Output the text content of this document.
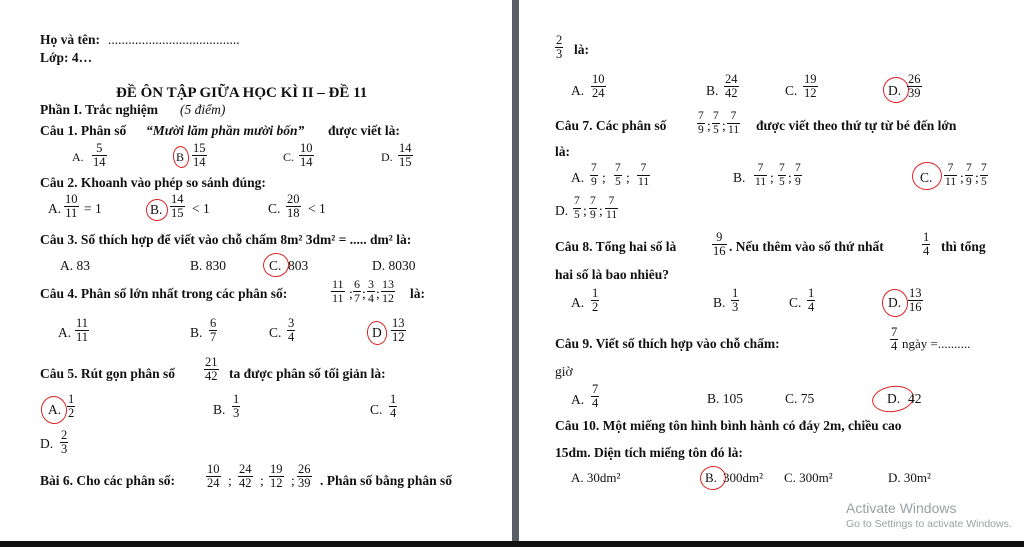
Họ và tên: .......................................
Lớp: 4…
ĐỀ ÔN TẬP GIỮA HỌC KÌ II – ĐỀ 11
Phần I. Trắc nghiệm (5 điểm)
Câu 1. Phân số “Mười lăm phần mười bốn” được viết là:
A.
5
14	B
15
14	C.
10
14	D.
14
15
Câu 2. Khoanh vào phép so sánh đúng:
A.
10
11 = 1	B.
14
15 < 1	C.
20
18 < 1
Câu 3. Số thích hợp để viết vào chỗ chấm 8m² 3dm² = ..... dm² là:
A. 83	B. 830	C. 803	D. 8030
Câu 4. Phân số lớn nhất trong các phân số:
11
11 ;
6
7 ;
3
4 ;
13
12 là:
A.
11
11	B.
6
7	C.
3
4	D
13
12
Câu 5. Rút gọn phân số
21
42 ta được phân số tối giản là:
A.
1
2	B.
1
3	C.
1
4
D.
2
3
Bài 6. Cho các phân số:
10
24 ;
24
42 ;
19
12 ;
26
39 . Phân số bằng phân số
2
3 là:
A.
10
24	B.
24
42	C.
19
12	D.
26
39
Câu 7. Các phân số
7
9 ;
7
5 ;
7
11 được viết theo thứ tự từ bé đến lớn
là:
A.
7
9 ;
7
5 ;
7
11	B.
7
11 ;
7
5 ;
7
9	C.
7
11 ;
7
9 ;
7
5
D.
7
5 ;
7
9 ;
7
11
Câu 8. Tổng hai số là
9
16 . Nếu thêm vào số thứ nhất
1
4 thì tổng
hai số là bao nhiêu?
A.
1
2	B.
1
3	C.
1
4	D.
13
16
Câu 9. Viết số thích hợp vào chỗ chấm:
7
4 ngày =..........
giờ
A.
7
4	B. 105	C. 75	D. 42
Câu 10. Một miếng tôn hình bình hành có đáy 2m, chiều cao
15dm. Diện tích miếng tôn đó là:
A. 30dm²	B. 300dm² C. 300m²	D. 30m²
Activate Windows
Go to Settings to activate Windows.
